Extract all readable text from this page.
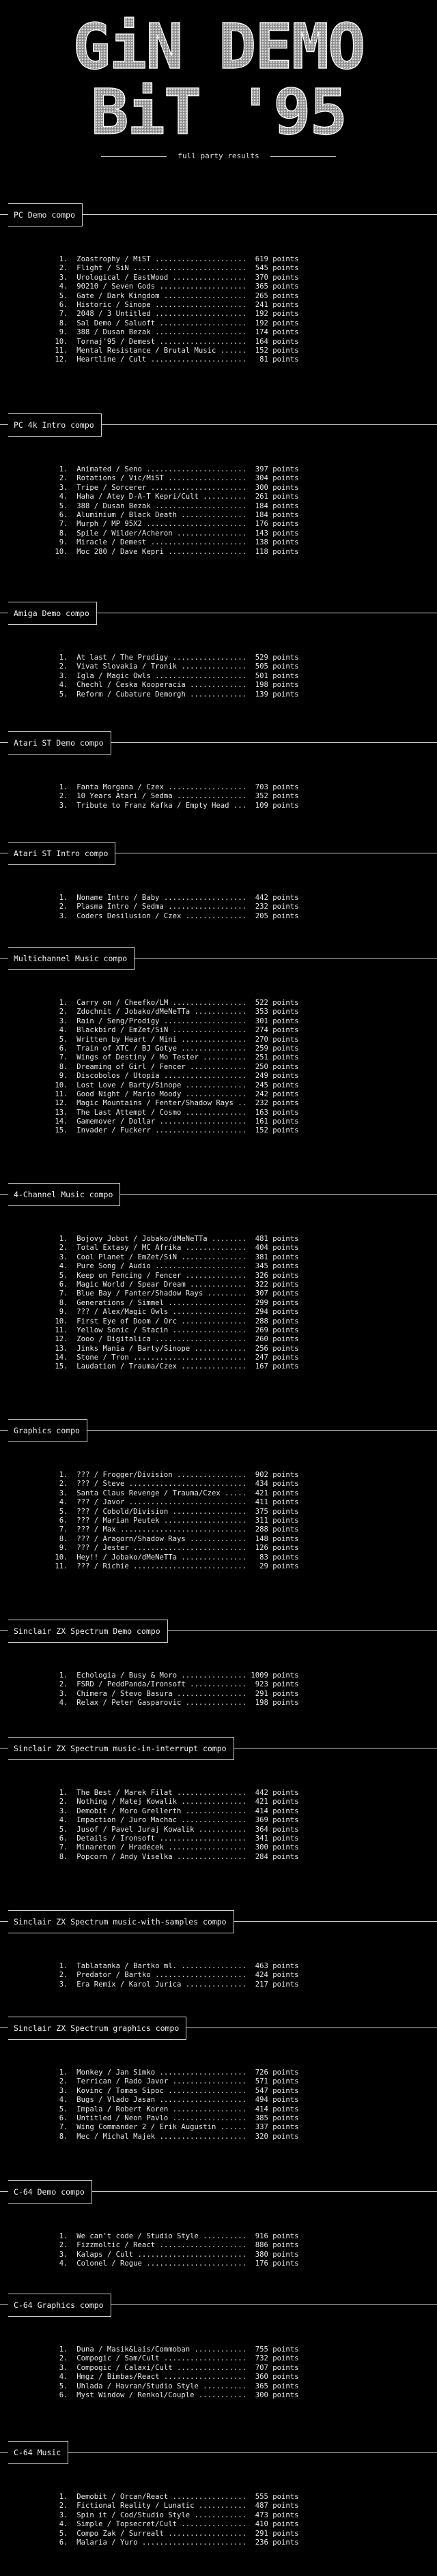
GiN DEMO
BiT '95
full party results
PC Demo compo
1.  Zoastrophy / MiST .....................  619 points
2.  Flight / SiN ..........................  545 points
3.  Urological / EastWood .................  370 points
4.  90210 / Seven Gods ....................  365 points
5.  Gate / Dark Kingdom ...................  265 points
6.  Historic / Sinope .....................  241 points
7.  2048 / 3 Untitled .....................  192 points
8.  Sal Demo / Saluoft ....................  192 points
9.  388 / Dusan Bezak .....................  174 points
10.  Tornaj'95 / Demest ....................  164 points
11.  Mental Resistance / Brutal Music ......  152 points
12.  Heartline / Cult ......................   81 points
PC 4k Intro compo
1.  Animated / Seno .......................  397 points
2.  Rotations / Vic/MiST ..................  304 points
3.  Tripe / Sorcerer ......................  300 points
4.  Haha / Atey D-A-T Kepri/Cult ..........  261 points
5.  388 / Dusan Bezak .....................  184 points
6.  Aluminium / Black Death ...............  184 points
7.  Murph / MP 95X2 .......................  176 points
8.  Spile / Wilder/Acheron ................  143 points
9.  Miracle / Demest ......................  138 points
10.  Moc 280 / Dave Kepri ..................  118 points
Amiga Demo compo
1.  At last / The Prodigy .................  529 points
2.  Vivat Slovakia / Tronik ...............  505 points
3.  Igla / Magic Owls .....................  501 points
4.  Chechl / Ceska Kooperacia .............  198 points
5.  Reform / Cubature Demorgh .............  139 points
Atari ST Demo compo
1.  Fanta Morgana / Czex ..................  703 points
2.  10 Years Atari / Sedma ................  352 points
3.  Tribute to Franz Kafka / Empty Head ...  109 points
Atari ST Intro compo
1.  Noname Intro / Baby ...................  442 points
2.  Plasma Intro / Sedma ..................  232 points
3.  Coders Desilusion / Czex ..............  205 points
Multichannel Music compo
1.  Carry on / Cheefko/LM .................  522 points
2.  Zdochnit / Jobako/dMeNeTTa ............  353 points
3.  Rain / Seng/Prodigy ...................  301 points
4.  Blackbird / EmZet/SiN .................  274 points
5.  Written by Heart / Mini ...............  270 points
6.  Train of XTC / BJ Gotye ...............  259 points
7.  Wings of Destiny / Mo Tester ..........  251 points
8.  Dreaming of Girl / Fencer .............  250 points
9.  Discobolos / Utopia ...................  249 points
10.  Lost Love / Barty/Sinope ..............  245 points
11.  Good Night / Mario Moody ..............  242 points
12.  Magic Mountains / Fenter/Shadow Rays ..  232 points
13.  The Last Attempt / Cosmo ..............  163 points
14.  Gamemover / Dollar ....................  161 points
15.  Invader / Fuckerr .....................  152 points
4-Channel Music compo
1.  Bojovy Jobot / Jobako/dMeNeTTa ........  481 points
2.  Total Extasy / MC Afrika ..............  404 points
3.  Cool Planet / EmZet/SiN ...............  381 points
4.  Pure Song / Audio .....................  345 points
5.  Keep on Fencing / Fencer ..............  326 points
6.  Magic World / Spear Dream .............  322 points
7.  Blue Bay / Fanter/Shadow Rays .........  307 points
8.  Generations / Simmel ..................  299 points
9.  ??? / Alex/Magic Owls .................  294 points
10.  First Eye of Doom / Orc ...............  288 points
11.  Yellow Sonic / Stacin .................  269 points
12.  Zooo / Digitalica .....................  260 points
13.  Jinks Mania / Barty/Sinope ............  256 points
14.  Stone / Tron ..........................  247 points
15.  Laudation / Trauma/Czex ...............  167 points
Graphics compo
1.  ??? / Frogger/Division ................  902 points
2.  ??? / Steve ...........................  434 points
3.  Santa Claus Revenge / Trauma/Czex .....  421 points
4.  ??? / Javor ...........................  411 points
5.  ??? / Cobold/Division .................  375 points
6.  ??? / Marian Peutek ...................  311 points
7.  ??? / Max .............................  288 points
8.  ??? / Aragorn/Shadow Rays .............  148 points
9.  ??? / Jester ..........................  126 points
10.  Hey!! / Jobako/dMeNeTTa ...............   83 points
11.  ??? / Richie ..........................   29 points
Sinclair ZX Spectrum Demo compo
1.  Echologia / Busy & Moro ............... 1009 points
2.  FSRD / PeddPanda/Ironsoft .............  923 points
3.  Chimera / Stevo Basura ................  291 points
4.  Relax / Peter Gasparovic ..............  198 points
Sinclair ZX Spectrum music-in-interrupt compo
1.  The Best / Marek Filat ................  442 points
2.  Nothing / Matej Kowalik ...............  421 points
3.  Demobit / Moro Grellerth ..............  414 points
4.  Impaction / Juro Machac ...............  369 points
5.  Jusof / Pavel Juraj Kowalik ...........  364 points
6.  Details / Ironsoft ....................  341 points
7.  Minareton / Hradecek ..................  300 points
8.  Popcorn / Andy Viselka ................  284 points
Sinclair ZX Spectrum music-with-samples compo
1.  Tablatanka / Bartko ml. ...............  463 points
2.  Predator / Bartko .....................  424 points
3.  Era Remix / Karol Jurica ..............  217 points
Sinclair ZX Spectrum graphics compo
1.  Monkey / Jan Simko ....................  726 points
2.  Terrican / Rado Javor .................  571 points
3.  Kovinc / Tomas Sipoc ..................  547 points
4.  Bugs / Vlado Jasan ....................  494 points
5.  Impala / Robert Koren .................  414 points
6.  Untitled / Neon Pavlo .................  385 points
7.  Wing Commander 2 / Erik Augustin ......  337 points
8.  Mec / Michal Majek ....................  320 points
C-64 Demo compo
1.  We can't code / Studio Style ..........  916 points
2.  Fizzmoltic / React ....................  886 points
3.  Kalaps / Cult .........................  380 points
4.  Colonel / Rogue .......................  176 points
C-64 Graphics compo
1.  Duna / Masik&Lais/Commoban ............  755 points
2.  Compogic / Sam/Cult ...................  732 points
3.  Compogic / Calaxi/Cult ................  707 points
4.  Hmgz / Bimbas/React ...................  360 points
5.  Uhlada / Havran/Studio Style ..........  365 points
6.  Myst Window / Renkol/Couple ...........  300 points
C-64 Music
1.  Demobit / Orcan/React .................  555 points
2.  Fictional Reality / Lunatic ...........  487 points
3.  Spin it / Cod/Studio Style ............  473 points
4.  Simple / Topsecret/Cult ...............  410 points
5.  Compo Zak / Surrealt ..................  291 points
6.  Malaria / Yuro ........................  236 points
